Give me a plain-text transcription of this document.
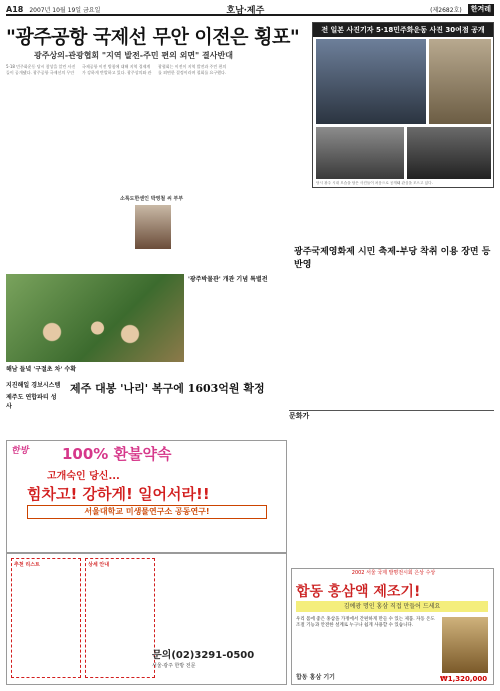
A18 2007년 10월 19일 금요일	호남·제주	(제2682호)	한겨레
"광주공항 국제선 무안 이전은 횡포"
광주상의-관광협회 "지역 발전-주민 편의 외면" 결사반대
5·18 민주화운동 당시 참상을 알린 사진들이 공개됐다. 광주공항 국제선의 무안국제공항 이전 방침에 대해 지역 경제계가 강하게 반발하고 있다. 광주상의와 관광협회는 이전이 지역 발전과 주민 편의를 외면한 결정이라며 철회를 요구했다.
전 일본 사진기자 5·18민주화운동 사진 30여점 공개
당시 광주 시내 모습을 담은 사진들이 처음으로 공개돼 관심을 모으고 있다.
소록도한센인 박영철 씨 부부
해남 들녘 '구절초 차' 수확
지진해일 경보시스템
제주도 연합파티 성사
제주 대봉 '나리' 복구에 1603억원 확정
'광주박물관' 개관 기념 특별전
광주국제영화제 시민 축제-부당 착취 이용 장면 등 반영
문화가
한방	100% 환불약속
고개숙인 당신...
힘차고! 강하게! 일어서라!!
서울대학교 미생물연구소 공동연구!
추천 리스트	상세 안내
문의(02)3291-0500
서울·광주 한방 전문
2002 서울 국제 발명전시회 은상 수상
합동 홍삼액 제조기!
김예광 명인 홍삼 직접 만들어 드세요
우리 몸에 좋은 홍삼을 가정에서 간편하게 만들 수 있는 제품. 자동 온도 조절 기능과 안전한 설계로 누구나 쉽게 사용할 수 있습니다.
합동 홍삼 기기	₩1,320,000
